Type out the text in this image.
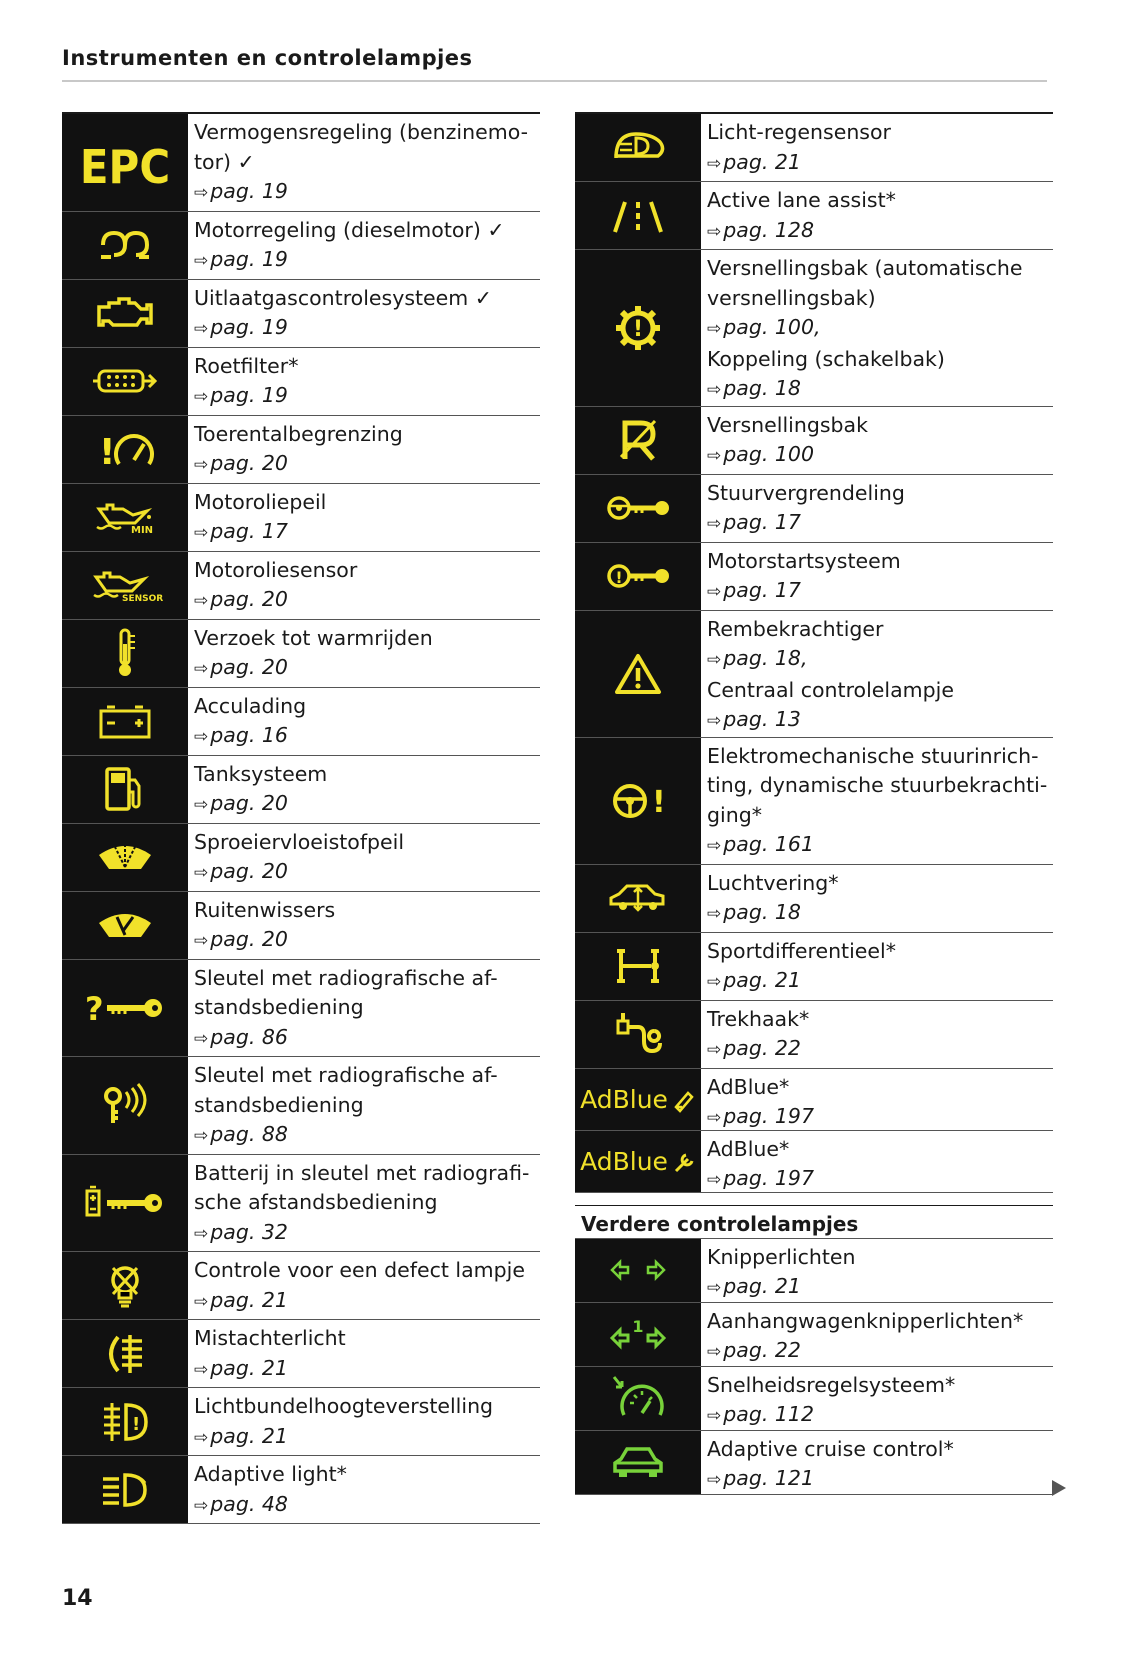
Instrumenten en controlelampjes
EPC
Vermogensregeling (benzinemo-
tor) ✓
⇨pag. 19
Motorregeling (dieselmotor) ✓
⇨pag. 19
Uitlaatgascontrolesysteem ✓
⇨pag. 19
Roetfilter*
⇨pag. 19
!	Toerentalbegrenzing
⇨pag. 20
MIN
Motoroliepeil
⇨pag. 17
SENSOR
Motoroliesensor
⇨pag. 20
Verzoek tot warmrijden
⇨pag. 20
Acculading
⇨pag. 16
Tanksysteem
⇨pag. 20
Sproeiervloeistofpeil
⇨pag. 20
Ruitenwissers
⇨pag. 20
?
Sleutel met radiografische af-
standsbediening
⇨pag. 86
Sleutel met radiografische af-
standsbediening
⇨pag. 88
Batterij in sleutel met radiografi-
sche afstandsbediening
⇨pag. 32
Controle voor een defect lampje
⇨pag. 21
Mistachterlicht
⇨pag. 21
!
Lichtbundelhoogteverstelling
⇨pag. 21
Adaptive light*
⇨pag. 48
Licht-regensensor
⇨pag. 21
Active lane assist*
⇨pag. 128
!
Versnellingsbak (automatische
versnellingsbak)
⇨pag. 100,
Koppeling (schakelbak)
⇨pag. 18
Versnellingsbak
⇨pag. 100
Stuurvergrendeling
⇨pag. 17
!
Motorstartsysteem
⇨pag. 17
Rembekrachtiger
⇨pag. 18,
Centraal controlelampje
⇨pag. 13
!
Elektromechanische stuurinrich-
ting, dynamische stuurbekrachti-
ging*
⇨pag. 161
Luchtvering*
⇨pag. 18
Sportdifferentieel*
⇨pag. 21
Trekhaak*
⇨pag. 22
AdBlue AdBlue*
⇨pag. 197
AdBlue AdBlue*
⇨pag. 197
Verdere controlelampjes
Knipperlichten
⇨pag. 21
1	Aanhangwagenknipperlichten*
⇨pag. 22
Snelheidsregelsysteem*
⇨pag. 112
Adaptive cruise control*
⇨pag. 121
14
